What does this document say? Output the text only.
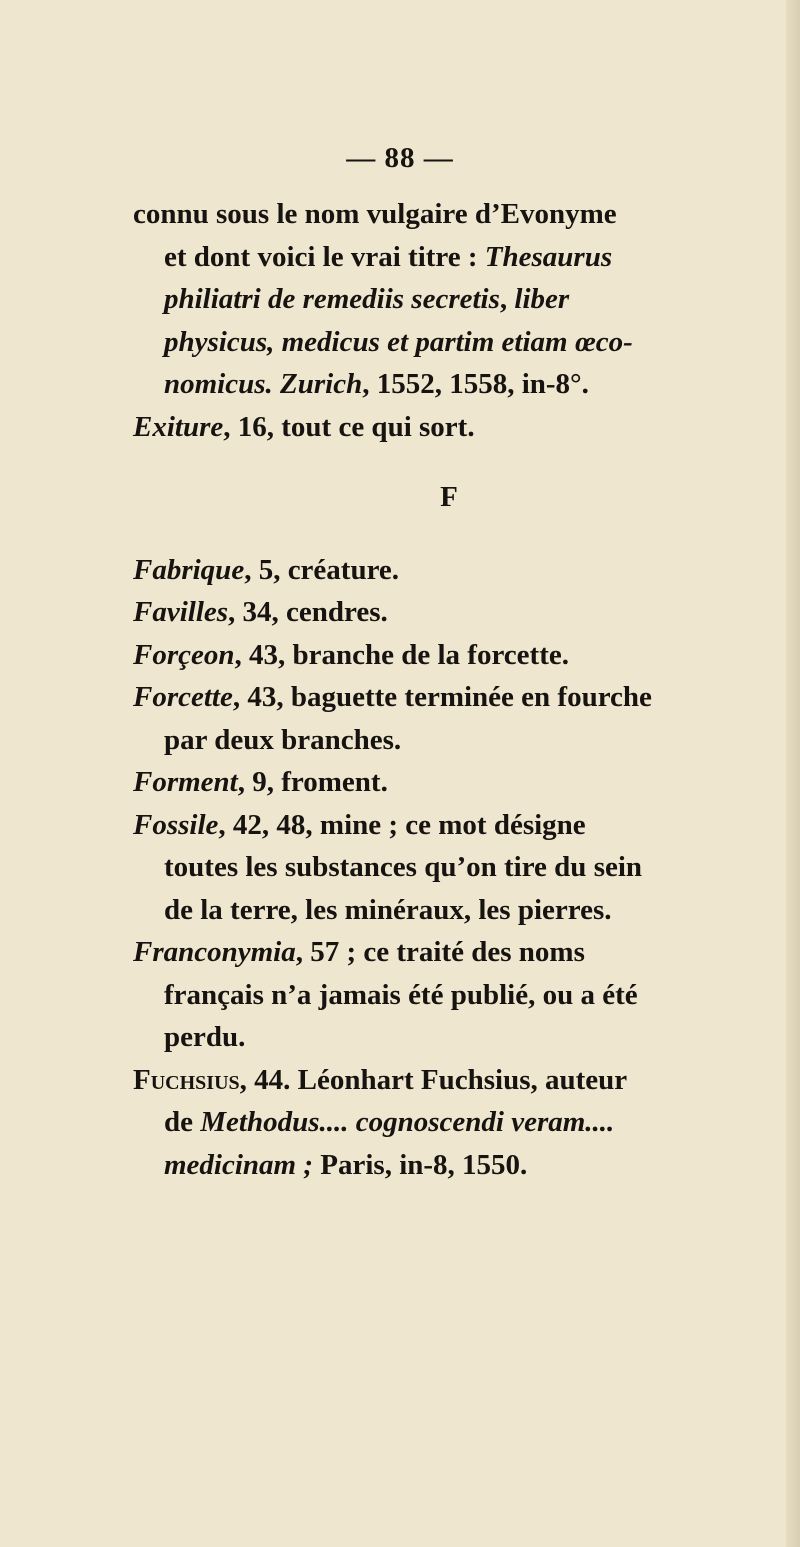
— 88 —
connu sous le nom vulgaire d’Evonyme
et dont voici le vrai titre : Thesaurus
philiatri de remediis secretis, liber
physicus, medicus et partim etiam œco-
nomicus. Zurich, 1552, 1558, in-8°.
Exiture, 16, tout ce qui sort.
F
Fabrique, 5, créature.
Favilles, 34, cendres.
Forçeon, 43, branche de la forcette.
Forcette, 43, baguette terminée en fourche
par deux branches.
Forment, 9, froment.
Fossile, 42, 48, mine ; ce mot désigne
toutes les substances qu’on tire du sein
de la terre, les minéraux, les pierres.
Franconymia, 57 ; ce traité des noms
français n’a jamais été publié, ou a été
perdu.
Fuchsius, 44. Léonhart Fuchsius, auteur
de Methodus.... cognoscendi veram....
medicinam ; Paris, in-8, 1550.
